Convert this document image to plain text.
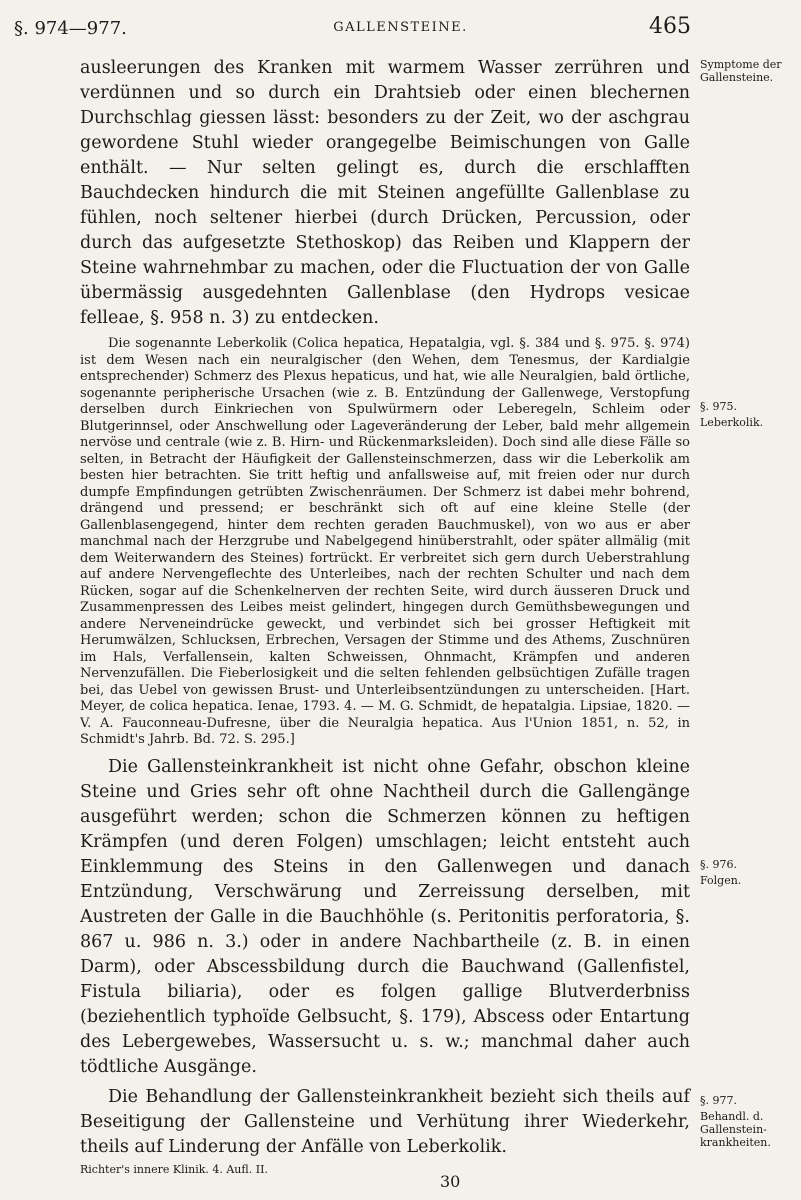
§. 974—977.	GALLENSTEINE.	465
Symptome der Gallensteine.
§. 975.
Leberkolik.
§. 976.
Folgen.
§. 977.
Behandl. d. Gallenstein-krankheiten.

ausleerungen des Kranken mit warmem Wasser zerrühren und verdünnen und so durch ein Drahtsieb oder einen blechernen Durchschlag giessen lässt: besonders zu der Zeit, wo der aschgrau gewordene Stuhl wieder orangegelbe Beimischungen von Galle enthält. — Nur selten gelingt es, durch die erschlafften Bauchdecken hindurch die mit Steinen angefüllte Gallenblase zu fühlen, noch seltener hierbei (durch Drücken, Percussion, oder durch das aufgesetzte Stethoskop) das Reiben und Klappern der Steine wahrnehmbar zu machen, oder die Fluctuation der von Galle übermässig ausgedehnten Gallenblase (den Hydrops vesicae felleae, §. 958 n. 3) zu entdecken.

Die sogenannte Leberkolik (Colica hepatica, Hepatalgia, vgl. §. 384 und §. 975. §. 974) ist dem Wesen nach ein neuralgischer (den Wehen, dem Tenesmus, der Kardialgie entsprechender) Schmerz des Plexus hepaticus, und hat, wie alle Neuralgien, bald örtliche, sogenannte peripherische Ursachen (wie z. B. Entzündung der Gallenwege, Verstopfung derselben durch Einkriechen von Spulwürmern oder Leberegeln, Schleim oder Blutgerinnsel, oder Anschwellung oder Lageveränderung der Leber, bald mehr allgemein nervöse und centrale (wie z. B. Hirn- und Rückenmarksleiden). Doch sind alle diese Fälle so selten, in Betracht der Häufigkeit der Gallensteinschmerzen, dass wir die Leberkolik am besten hier betrachten. Sie tritt heftig und anfallsweise auf, mit freien oder nur durch dumpfe Empfindungen getrübten Zwischenräumen. Der Schmerz ist dabei mehr bohrend, drängend und pressend; er beschränkt sich oft auf eine kleine Stelle (der Gallenblasengegend, hinter dem rechten geraden Bauchmuskel), von wo aus er aber manchmal nach der Herzgrube und Nabelgegend hinüberstrahlt, oder später allmälig (mit dem Weiterwandern des Steines) fortrückt. Er verbreitet sich gern durch Ueberstrahlung auf andere Nervengeflechte des Unterleibes, nach der rechten Schulter und nach dem Rücken, sogar auf die Schenkelnerven der rechten Seite, wird durch äusseren Druck und Zusammenpressen des Leibes meist gelindert, hingegen durch Gemüthsbewegungen und andere Nerveneindrücke geweckt, und verbindet sich bei grosser Heftigkeit mit Herumwälzen, Schlucksen, Erbrechen, Versagen der Stimme und des Athems, Zuschnüren im Hals, Verfallensein, kalten Schweissen, Ohnmacht, Krämpfen und anderen Nervenzufällen. Die Fieberlosigkeit und die selten fehlenden gelbsüchtigen Zufälle tragen bei, das Uebel von gewissen Brust- und Unterleibsentzündungen zu unterscheiden. [Hart. Meyer, de colica hepatica. Ienae, 1793. 4. — M. G. Schmidt, de hepatalgia. Lipsiae, 1820. — V. A. Fauconneau-Dufresne, über die Neuralgia hepatica. Aus l'Union 1851, n. 52, in Schmidt's Jahrb. Bd. 72. S. 295.]

Die Gallensteinkrankheit ist nicht ohne Gefahr, obschon kleine Steine und Gries sehr oft ohne Nachtheil durch die Gallengänge ausgeführt werden; schon die Schmerzen können zu heftigen Krämpfen (und deren Folgen) umschlagen; leicht entsteht auch Einklemmung des Steins in den Gallenwegen und danach Entzündung, Verschwärung und Zerreissung derselben, mit Austreten der Galle in die Bauchhöhle (s. Peritonitis perforatoria, §. 867 u. 986 n. 3.) oder in andere Nachbartheile (z. B. in einen Darm), oder Abscessbildung durch die Bauchwand (Gallenfistel, Fistula biliaria), oder es folgen gallige Blutverderbniss (beziehentlich typhoïde Gelbsucht, §. 179), Abscess oder Entartung des Lebergewebes, Wassersucht u. s. w.; manchmal daher auch tödtliche Ausgänge.

Die Behandlung der Gallensteinkrankheit bezieht sich theils auf Beseitigung der Gallensteine und Verhütung ihrer Wiederkehr, theils auf Linderung der Anfälle von Leberkolik.

Richter's innere Klinik. 4. Aufl. II.
30
